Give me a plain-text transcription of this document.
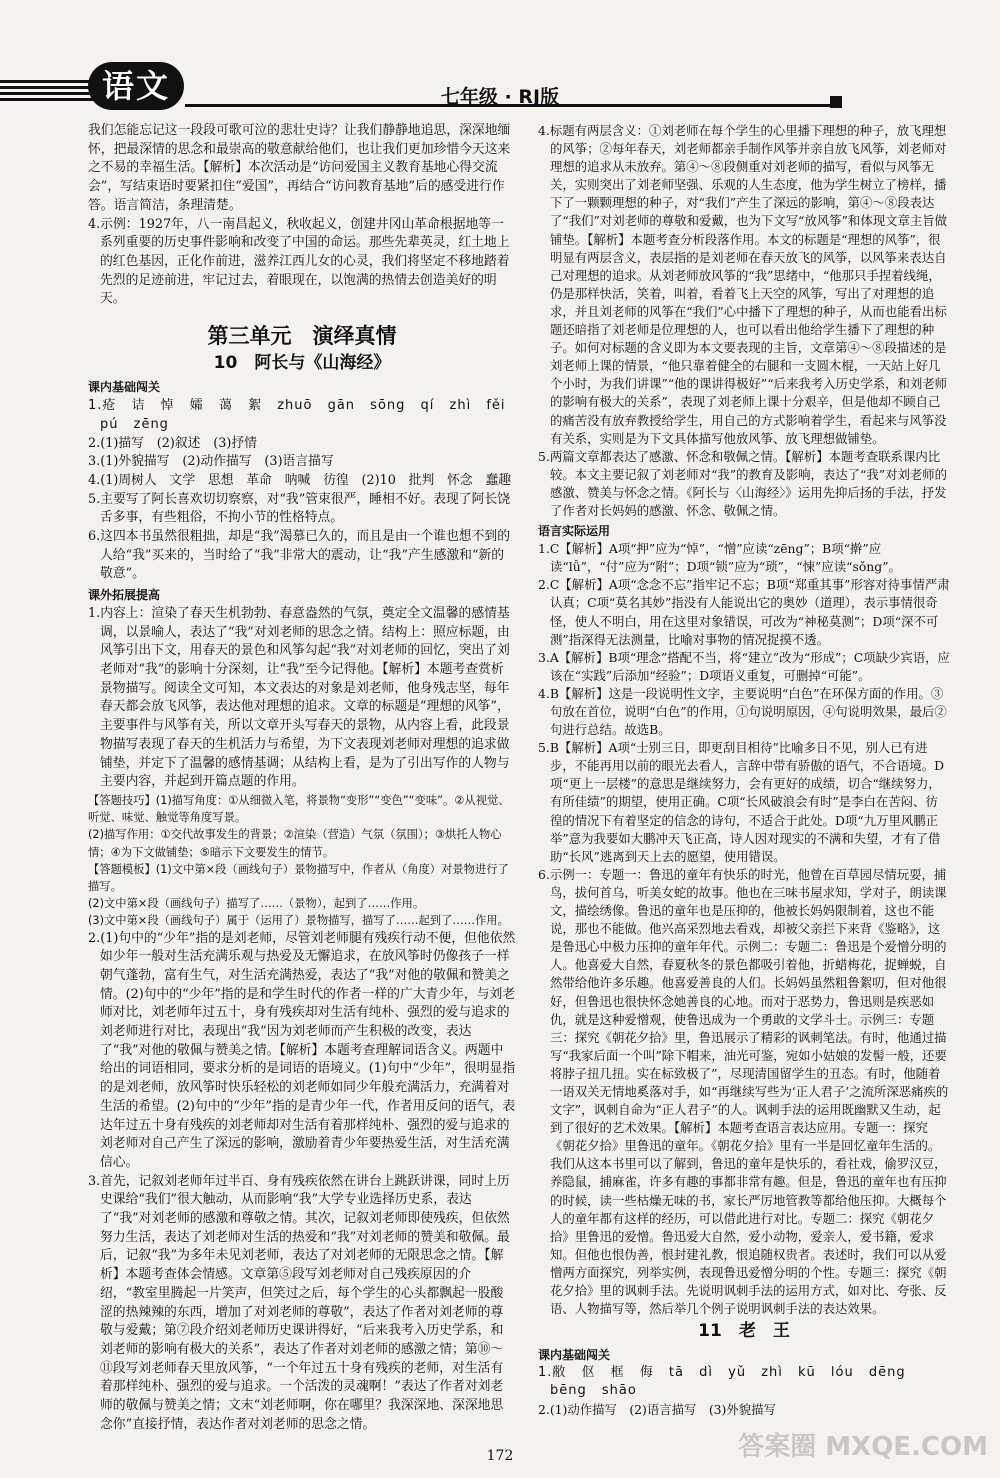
语文	七年级 · RJ版

我们怎能忘记这一段段可歌可泣的悲壮史诗？让我们静静地追思，深深地缅怀，把最深情的思念和最崇高的敬意献给他们，也让我们更加珍惜今天这来之不易的幸福生活。【解析】本次活动是“访问爱国主义教育基地心得交流会”，写结束语时要紧扣住“爱国”，再结合“访问教育基地”后的感受进行作答。语言简洁，条理清楚。

4.示例：1927年，八一南昌起义，秋收起义，创建井冈山革命根据地等一系列重要的历史事件影响和改变了中国的命运。那些先辈英灵，红土地上的红色基因，正化作前进，滋养江西儿女的心灵，我们将坚定不移地踏着先烈的足迹前进，牢记过去，着眼现在，以饱满的热情去创造美好的明天。

第三单元　演绎真情
10　阿长与《山海经》
课内基础闯关

1.疮 诘 悼 孀 蔼 絮 zhuō gān sōng qí zhì fěi pú zēng

2.(1)描写　(2)叙述　(3)抒情

3.(1)外貌描写　(2)动作描写　(3)语言描写

4.(1)周树人　文学　思想　革命　呐喊　彷徨　(2)10　批判　怀念　蠢趣

5.主要写了阿长喜欢切切察察，对“我”管束很严，睡相不好。表现了阿长饶舌多事，有些粗俗，不拘小节的性格特点。

6.这四本书虽然很粗拙，却是“我”渴慕已久的，而且是由一个谁也想不到的人给“我”买来的，当时给了“我”非常大的震动，让“我”产生感激和“新的敬意”。

课外拓展提高

1.内容上：渲染了春天生机勃勃、春意盎然的气氛，奠定全文温馨的感情基调，以景喻人，表达了“我”对刘老师的思念之情。结构上：照应标题，由风筝引出下文，用春天的景色和风筝勾起“我”对刘老师的回忆，突出了刘老师对“我”的影响十分深刻，让“我”至今记得他。【解析】本题考查赏析景物描写。阅读全文可知，本文表达的对象是刘老师，他身残志坚，每年春天都会放飞风筝，表达他对理想的追求。文章的标题是“理想的风筝”，主要事件与风筝有关，所以文章开头写春天的景物，从内容上看，此段景物描写表现了春天的生机活力与希望，为下文表现刘老师对理想的追求做铺垫，并定下了温馨的感情基调；从结构上看，是为了引出写作的人物与主要内容，并起到开篇点题的作用。

【答题技巧】(1)描写角度：①从细微入笔，将景物“变形”“变色”“变味”。②从视觉、听觉、味觉、触觉等角度写景。

(2)描写作用：①交代故事发生的背景；②渲染（营造）气氛（氛围）；③烘托人物心情；④为下文做铺垫；⑤暗示下文要发生的情节。

【答题模板】(1)文中第×段（画线句子）景物描写中，作者从（角度）对景物进行了描写。

(2)文中第×段（画线句子）描写了……（景物），起到了……作用。

(3)文中第×段（画线句子）属于（运用了）景物描写，描写了……起到了……作用。

2.(1)句中的“少年”指的是刘老师，尽管刘老师腿有残疾行动不便，但他依然如少年一般对生活充满乐观与热爱及无懈追求，在放风筝时仍像孩子一样朝气蓬勃，富有生气，对生活充满热爱，表达了“我”对他的敬佩和赞美之情。(2)句中的“少年”指的是和学生时代的作者一样的广大青少年，与刘老师对比，刘老师年过五十，身有残疾却对生活有纯朴、强烈的爱与追求的刘老师进行对比，表现出“我”因为刘老师而产生积极的改变，表达了“我”对他的敬佩与赞美之情。【解析】本题考查理解词语含义。两题中给出的词语相同，要求分析的是词语的语境义。(1)句中“少年”，很明显指的是刘老师，放风筝时快乐轻松的刘老师如同少年般充满活力，充满着对生活的希望。(2)句中的“少年”指的是青少年一代，作者用反问的语气，表达年过五十身有残疾的刘老师却对生活有着那样纯朴、强烈的爱与追求的刘老师对自己产生了深远的影响，激励着青少年要热爱生活，对生活充满信心。

3.首先，记叙刘老师年过半百、身有残疾依然在讲台上跳跃讲课，同时上历史课给“我们”很大触动，从而影响“我”大学专业选择历史系，表达了“我”对刘老师的感激和尊敬之情。其次，记叙刘老师即使残疾，但依然努力生活，表达了刘老师对生活的热爱和“我”对刘老师的赞美和敬佩。最后，记叙“我”为多年未见刘老师，表达了对刘老师的无限思念之情。【解析】本题考查体会情感。文章第⑤段写刘老师对自己残疾原因的介绍，“教室里腾起一片笑声，但笑过之后，每个学生的心头都飘起一股酸涩的热辣辣的东西，增加了对刘老师的尊敬”，表达了作者对刘老师的尊敬与爱戴；第⑦段介绍刘老师历史课讲得好，“后来我考入历史学系，和刘老师的影响有极大的关系”，表达了作者对刘老师的感激之情；第⑩～⑪段写刘老师春天里放风筝，“一个年过五十身有残疾的老师，对生活有着那样纯朴、强烈的爱与追求。一个活泼的灵魂啊！”表达了作者对刘老师的敬佩与赞美之情；文末“刘老师啊，你在哪里？我深深地、深深地思念你”直接抒情，表达作者对刘老师的思念之情。

4.标题有两层含义：①刘老师在每个学生的心里播下理想的种子，放飞理想的风筝；②每年春天，刘老师都亲手制作风筝并亲自放飞风筝，刘老师对理想的追求从未放弃。第④～⑧段侧重对刘老师的描写，看似与风筝无关，实则突出了刘老师坚强、乐观的人生态度，他为学生树立了榜样，播下了一颗颗理想的种子，对“我们”产生了深远的影响，第④～⑧段表达了“我们”对刘老师的尊敬和爱戴，也为下文写“放风筝”和体现文章主旨做铺垫。【解析】本题考查分析段落作用。本文的标题是“理想的风筝”，很明显有两层含义，表层指的是刘老师在春天放飞的风筝，以风筝来表达自己对理想的追求。从刘老师放风筝的“我”思绪中，“他那只手捏着线绳，仍是那样快活，笑着，叫着，看着飞上天空的风筝，写出了对理想的追求，并且刘老师的风筝在“我们”心中播下了理想的种子，从而也能看出标题还暗指了刘老师是位理想的人，也可以看出他给学生播下了理想的种子。如何对标题的含义即为本文要表现的主旨，文章第④～⑧段描述的是刘老师上课的情景，“他只靠着健全的右腿和一支圆木棍，一天站上好几个小时，为我们讲课”“他的课讲得极好”“后来我考入历史学系，和刘老师的影响有极大的关系”，表现了刘老师上课十分艰辛，但是他却不顾自己的痛苦没有放弃教授给学生，用自己的方式影响着学生，看起来与风筝没有关系，实则是为下文具体描写他放风筝、放飞理想做铺垫。

5.两篇文章都表达了感激、怀念和敬佩之情。【解析】本题考查联系课内比较。本文主要记叙了刘老师对“我”的教育及影响，表达了“我”对刘老师的感激、赞美与怀念之情。《阿长与〈山海经〉》运用先抑后扬的手法，抒发了作者对长妈妈的感激、怀念、敬佩之情。

语言实际运用

1.C【解析】A项“押”应为“悼”，“憎”应读“zēng”；B项“擀”应读“lǚ”，“付”应为“附”；D项“锁”应为“琐”，“悚”应读“sǒng”。

2.C【解析】A项“念念不忘”指牢记不忘；B项“郑重其事”形容对待事情严肃认真；C项“莫名其妙”指没有人能说出它的奥妙（道理），表示事情很奇怪，使人不明白，用在这里对象错误，可改为“神秘莫测”；D项“深不可测”指深得无法测量，比喻对事物的情况捉摸不透。

3.A【解析】B项“理念”搭配不当，将“建立”改为“形成”；C项缺少宾语，应该在“实践”后添加“经验”；D项语义重复，可删掉“可能”。

4.B【解析】这是一段说明性文字，主要说明“白色”在环保方面的作用。③句放在首位，说明“白色”的作用，①句说明原因，④句说明效果，最后②句进行总结。故选B。

5.B【解析】A项“士别三日，即更刮目相待”比喻多日不见，别人已有进步，不能再用以前的眼光去看人，言辞中带有骄傲的语气，不合语境。D项“更上一层楼”的意思是继续努力，会有更好的成绩，切合“继续努力，有所佳绩”的期望，使用正确。C项“长风破浪会有时”是李白在苦闷、彷徨的情况下有着坚定的信念的诗句，不适合于此处。D项“九万里风鹏正举”意为我要如大鹏冲天飞正高，诗人因对现实的不满和失望，才有了借助“长风”逃离到天上去的愿望，使用错误。

6.示例一：专题一：鲁迅的童年有快乐的时光，他曾在百草园尽情玩耍，捕鸟，拔何首乌，听美女蛇的故事。他也在三味书屋求知，学对子，朗读课文，描绘绣像。鲁迅的童年也是压抑的，他被长妈妈限制着，这也不能说，那也不能做。他兴高采烈地去看戏，却被父亲拦下来背《鉴略》，这是鲁迅心中极力压抑的童年年代。示例二：专题二：鲁迅是个爱憎分明的人。他喜爱大自然，春夏秋冬的景色都吸引着他，折蜡梅花，捉蝉蜕，自然带给他许多乐趣。他喜爱善良的人们。长妈妈虽然粗鲁絮叨，但对他很好，但鲁迅也很快怀念她善良的心地。而对于恶势力，鲁迅则是疾恶如仇，就是这种爱憎观，使鲁迅成为一个勇敢的文学斗士。示例三：专题三：探究《朝花夕拾》里，鲁迅展示了精彩的讽刺笔法。有时，他通过描写“我家后面一个叫”除下帽来，油光可鉴，宛如小姑娘的发髻一般，还要将脖子扭几扭。实在标致极了”，尽现清国留学生的丑态。有时，他随着一语双关无情地奚落对手，如“再继续写些为‘正人君子’之流所深恶痛疾的文字”，讽刺自命为“正人君子”的人。讽刺手法的运用既幽默又生动，起到了很好的艺术效果。【解析】本题考查语言表达应用。专题一：探究《朝花夕拾》里鲁迅的童年。《朝花夕拾》里有一半是回忆童年生活的。我们从这本书里可以了解到，鲁迅的童年是快乐的，看社戏，偷罗汉豆，养隐鼠，捕麻雀，许多有趣的事都非常有趣。但是，鲁迅的童年也有压抑的时候，读一些枯燥无味的书，家长严厉地管教等都给他压抑。大概每个人的童年都有这样的经历，可以借此进行对比。专题二：探究《朝花夕拾》里鲁迅的爱憎。鲁迅爱大自然，爱小动物，爱亲人，爱书籍，爱求知。但他也恨伪善，恨封建礼教，恨追随权贵者。表述时，我们可以从爱憎两方面探究，列举实例，表现鲁迅爱憎分明的个性。专题三：探究《朝花夕拾》里的讽刺手法。先说明讽刺手法的运用方式，如对比、夸张、反语、人物描写等，然后举几个例子说明讽刺手法的表达效果。

11　老　王
课内基础闯关

1.敝 伛 框 侮 tā dì yǔ zhì kū lóu dēng bēng shāo

2.(1)动作描写　(2)语言描写　(3)外貌描写

172	答案圈 MXQE.COM
